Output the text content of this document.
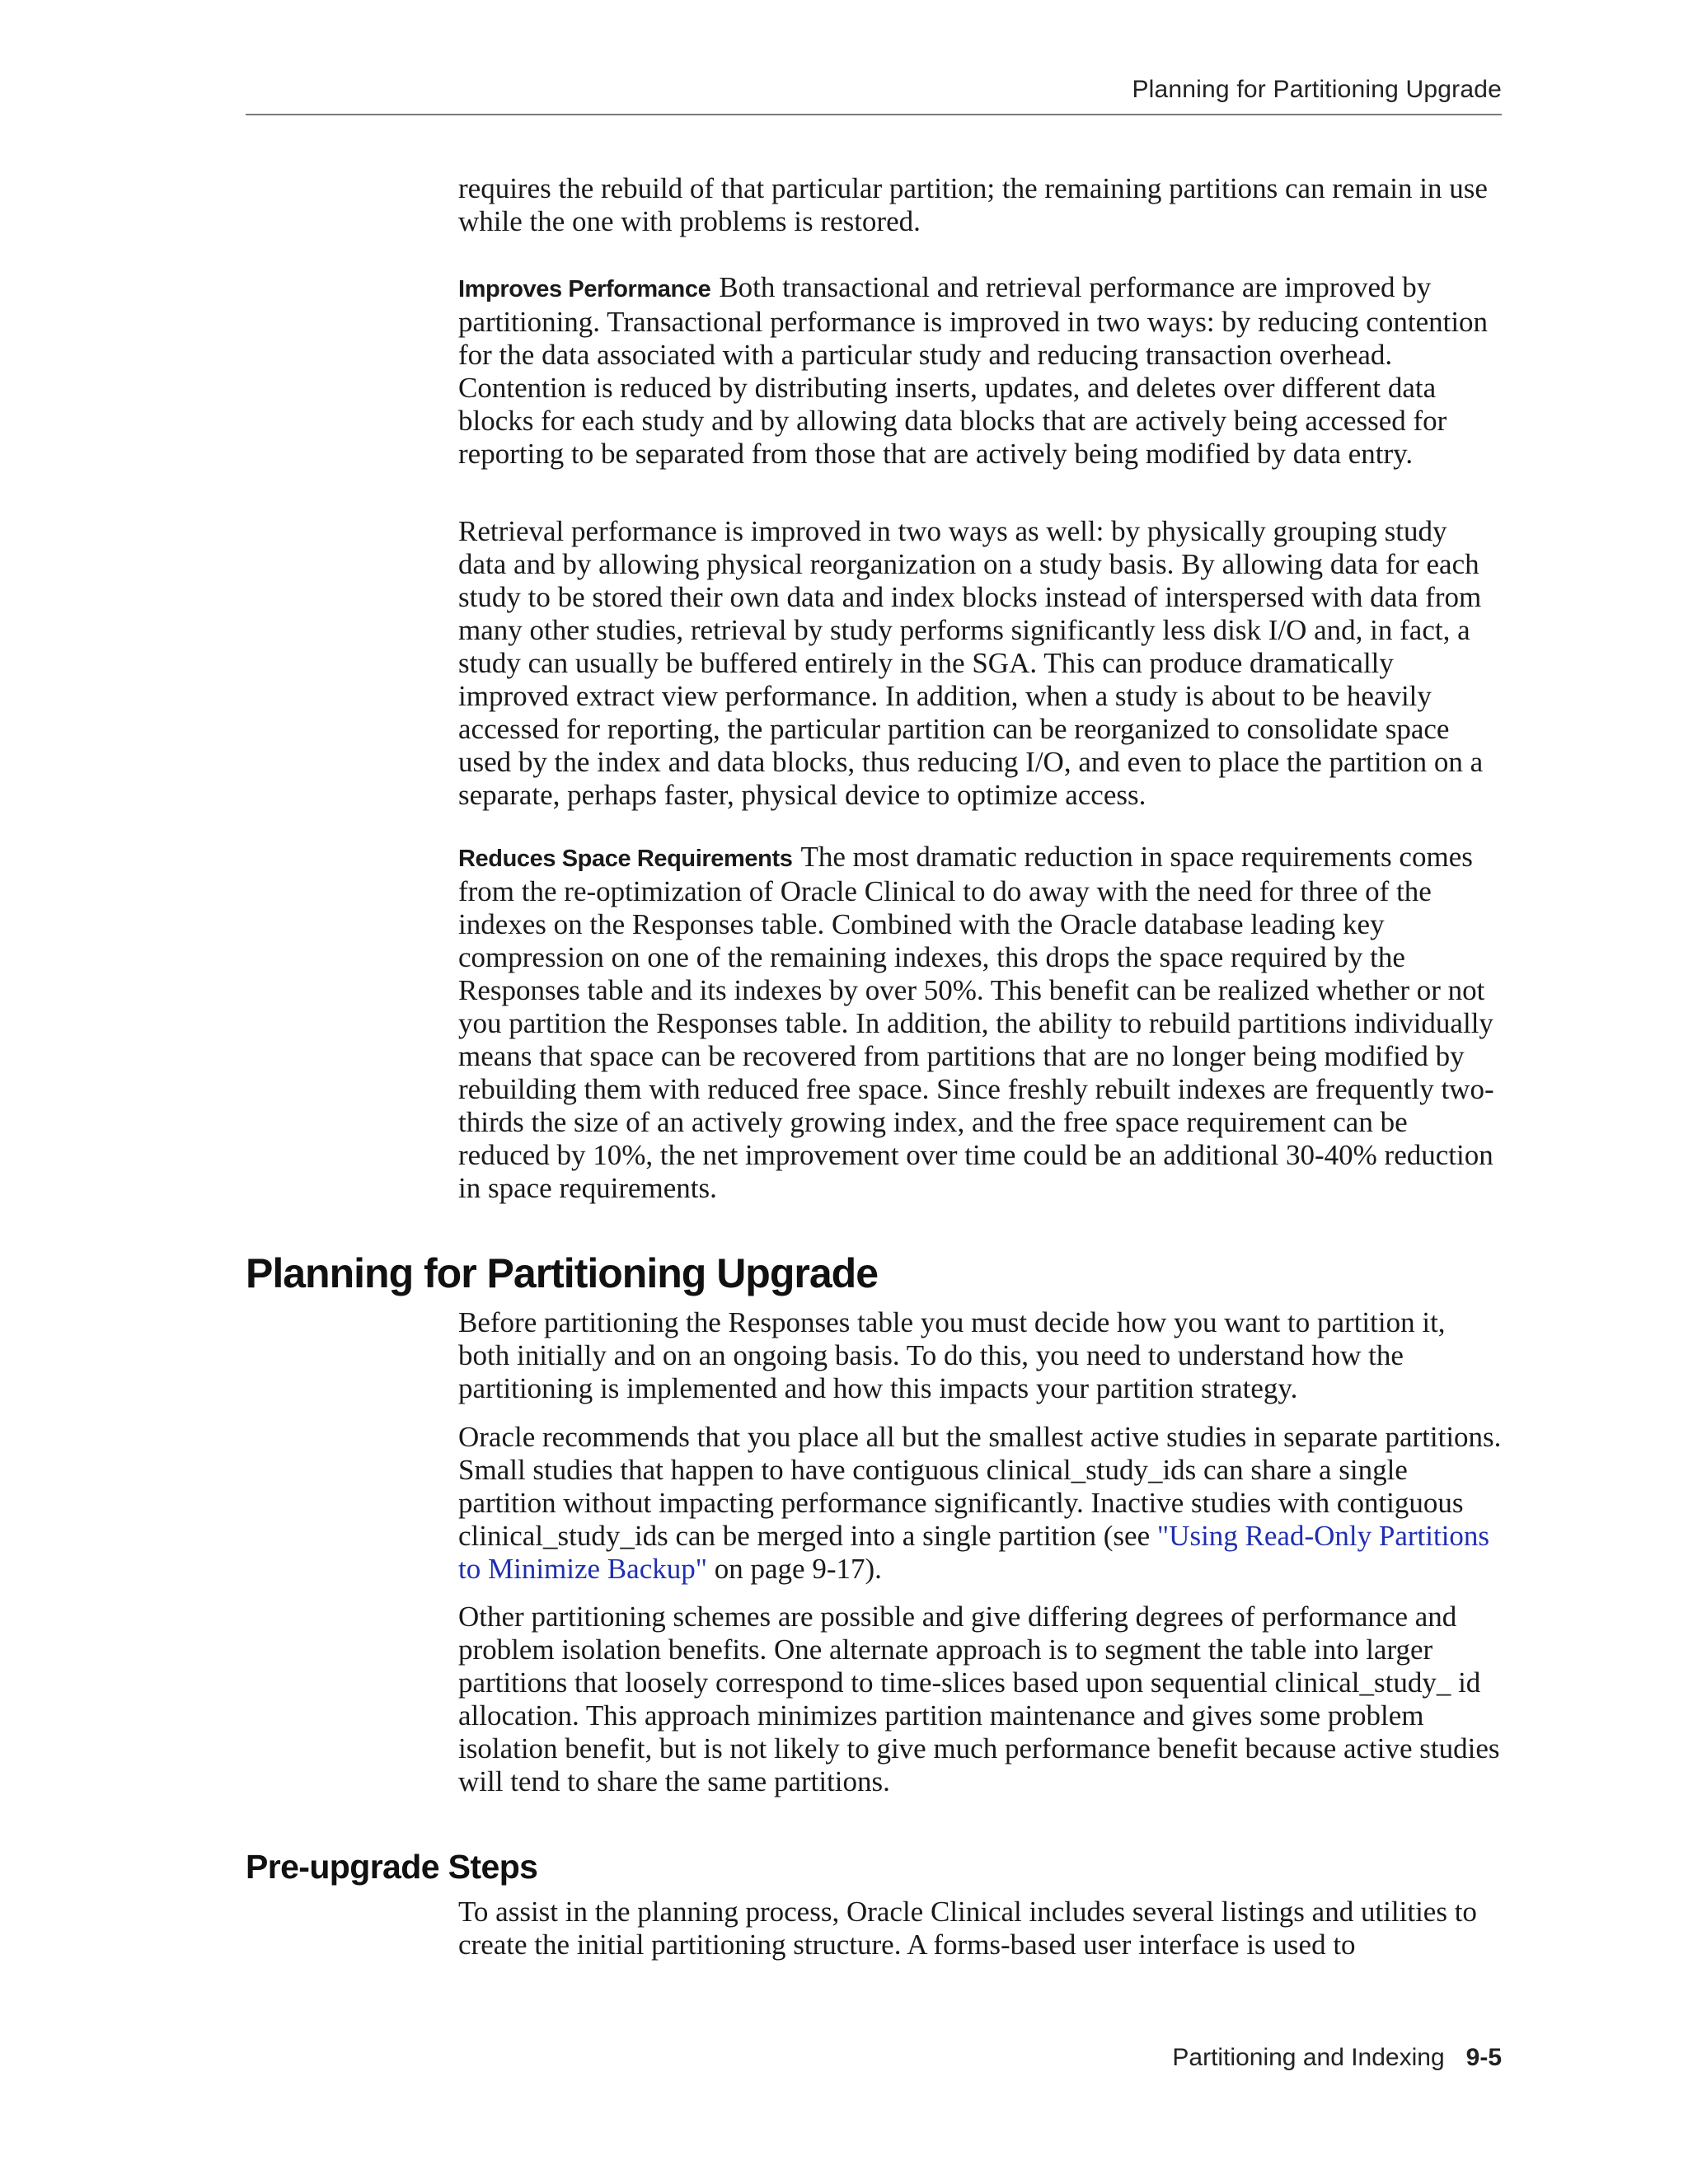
Planning for Partitioning Upgrade

requires the rebuild of that particular partition; the remaining partitions can remain in use while the one with problems is restored.

Improves Performance Both transactional and retrieval performance are improved by partitioning. Transactional performance is improved in two ways: by reducing contention for the data associated with a particular study and reducing transaction overhead. Contention is reduced by distributing inserts, updates, and deletes over different data blocks for each study and by allowing data blocks that are actively being accessed for reporting to be separated from those that are actively being modified by data entry.

Retrieval performance is improved in two ways as well: by physically grouping study data and by allowing physical reorganization on a study basis. By allowing data for each study to be stored their own data and index blocks instead of interspersed with data from many other studies, retrieval by study performs significantly less disk I/O and, in fact, a study can usually be buffered entirely in the SGA. This can produce dramatically improved extract view performance. In addition, when a study is about to be heavily accessed for reporting, the particular partition can be reorganized to consolidate space used by the index and data blocks, thus reducing I/O, and even to place the partition on a separate, perhaps faster, physical device to optimize access.

Reduces Space Requirements The most dramatic reduction in space requirements comes from the re-optimization of Oracle Clinical to do away with the need for three of the indexes on the Responses table. Combined with the Oracle database leading key compression on one of the remaining indexes, this drops the space required by the Responses table and its indexes by over 50%. This benefit can be realized whether or not you partition the Responses table. In addition, the ability to rebuild partitions individually means that space can be recovered from partitions that are no longer being modified by rebuilding them with reduced free space. Since freshly rebuilt indexes are frequently two-thirds the size of an actively growing index, and the free space requirement can be reduced by 10%, the net improvement over time could be an additional 30-40% reduction in space requirements.

Planning for Partitioning Upgrade

Before partitioning the Responses table you must decide how you want to partition it, both initially and on an ongoing basis. To do this, you need to understand how the partitioning is implemented and how this impacts your partition strategy.

Oracle recommends that you place all but the smallest active studies in separate partitions. Small studies that happen to have contiguous clinical_study_ids can share a single partition without impacting performance significantly. Inactive studies with contiguous clinical_study_ids can be merged into a single partition (see "Using Read-Only Partitions to Minimize Backup" on page 9-17).

Other partitioning schemes are possible and give differing degrees of performance and problem isolation benefits. One alternate approach is to segment the table into larger partitions that loosely correspond to time-slices based upon sequential clinical_study_ id allocation. This approach minimizes partition maintenance and gives some problem isolation benefit, but is not likely to give much performance benefit because active studies will tend to share the same partitions.

Pre-upgrade Steps

To assist in the planning process, Oracle Clinical includes several listings and utilities to create the initial partitioning structure. A forms-based user interface is used to

Partitioning and Indexing 9-5
